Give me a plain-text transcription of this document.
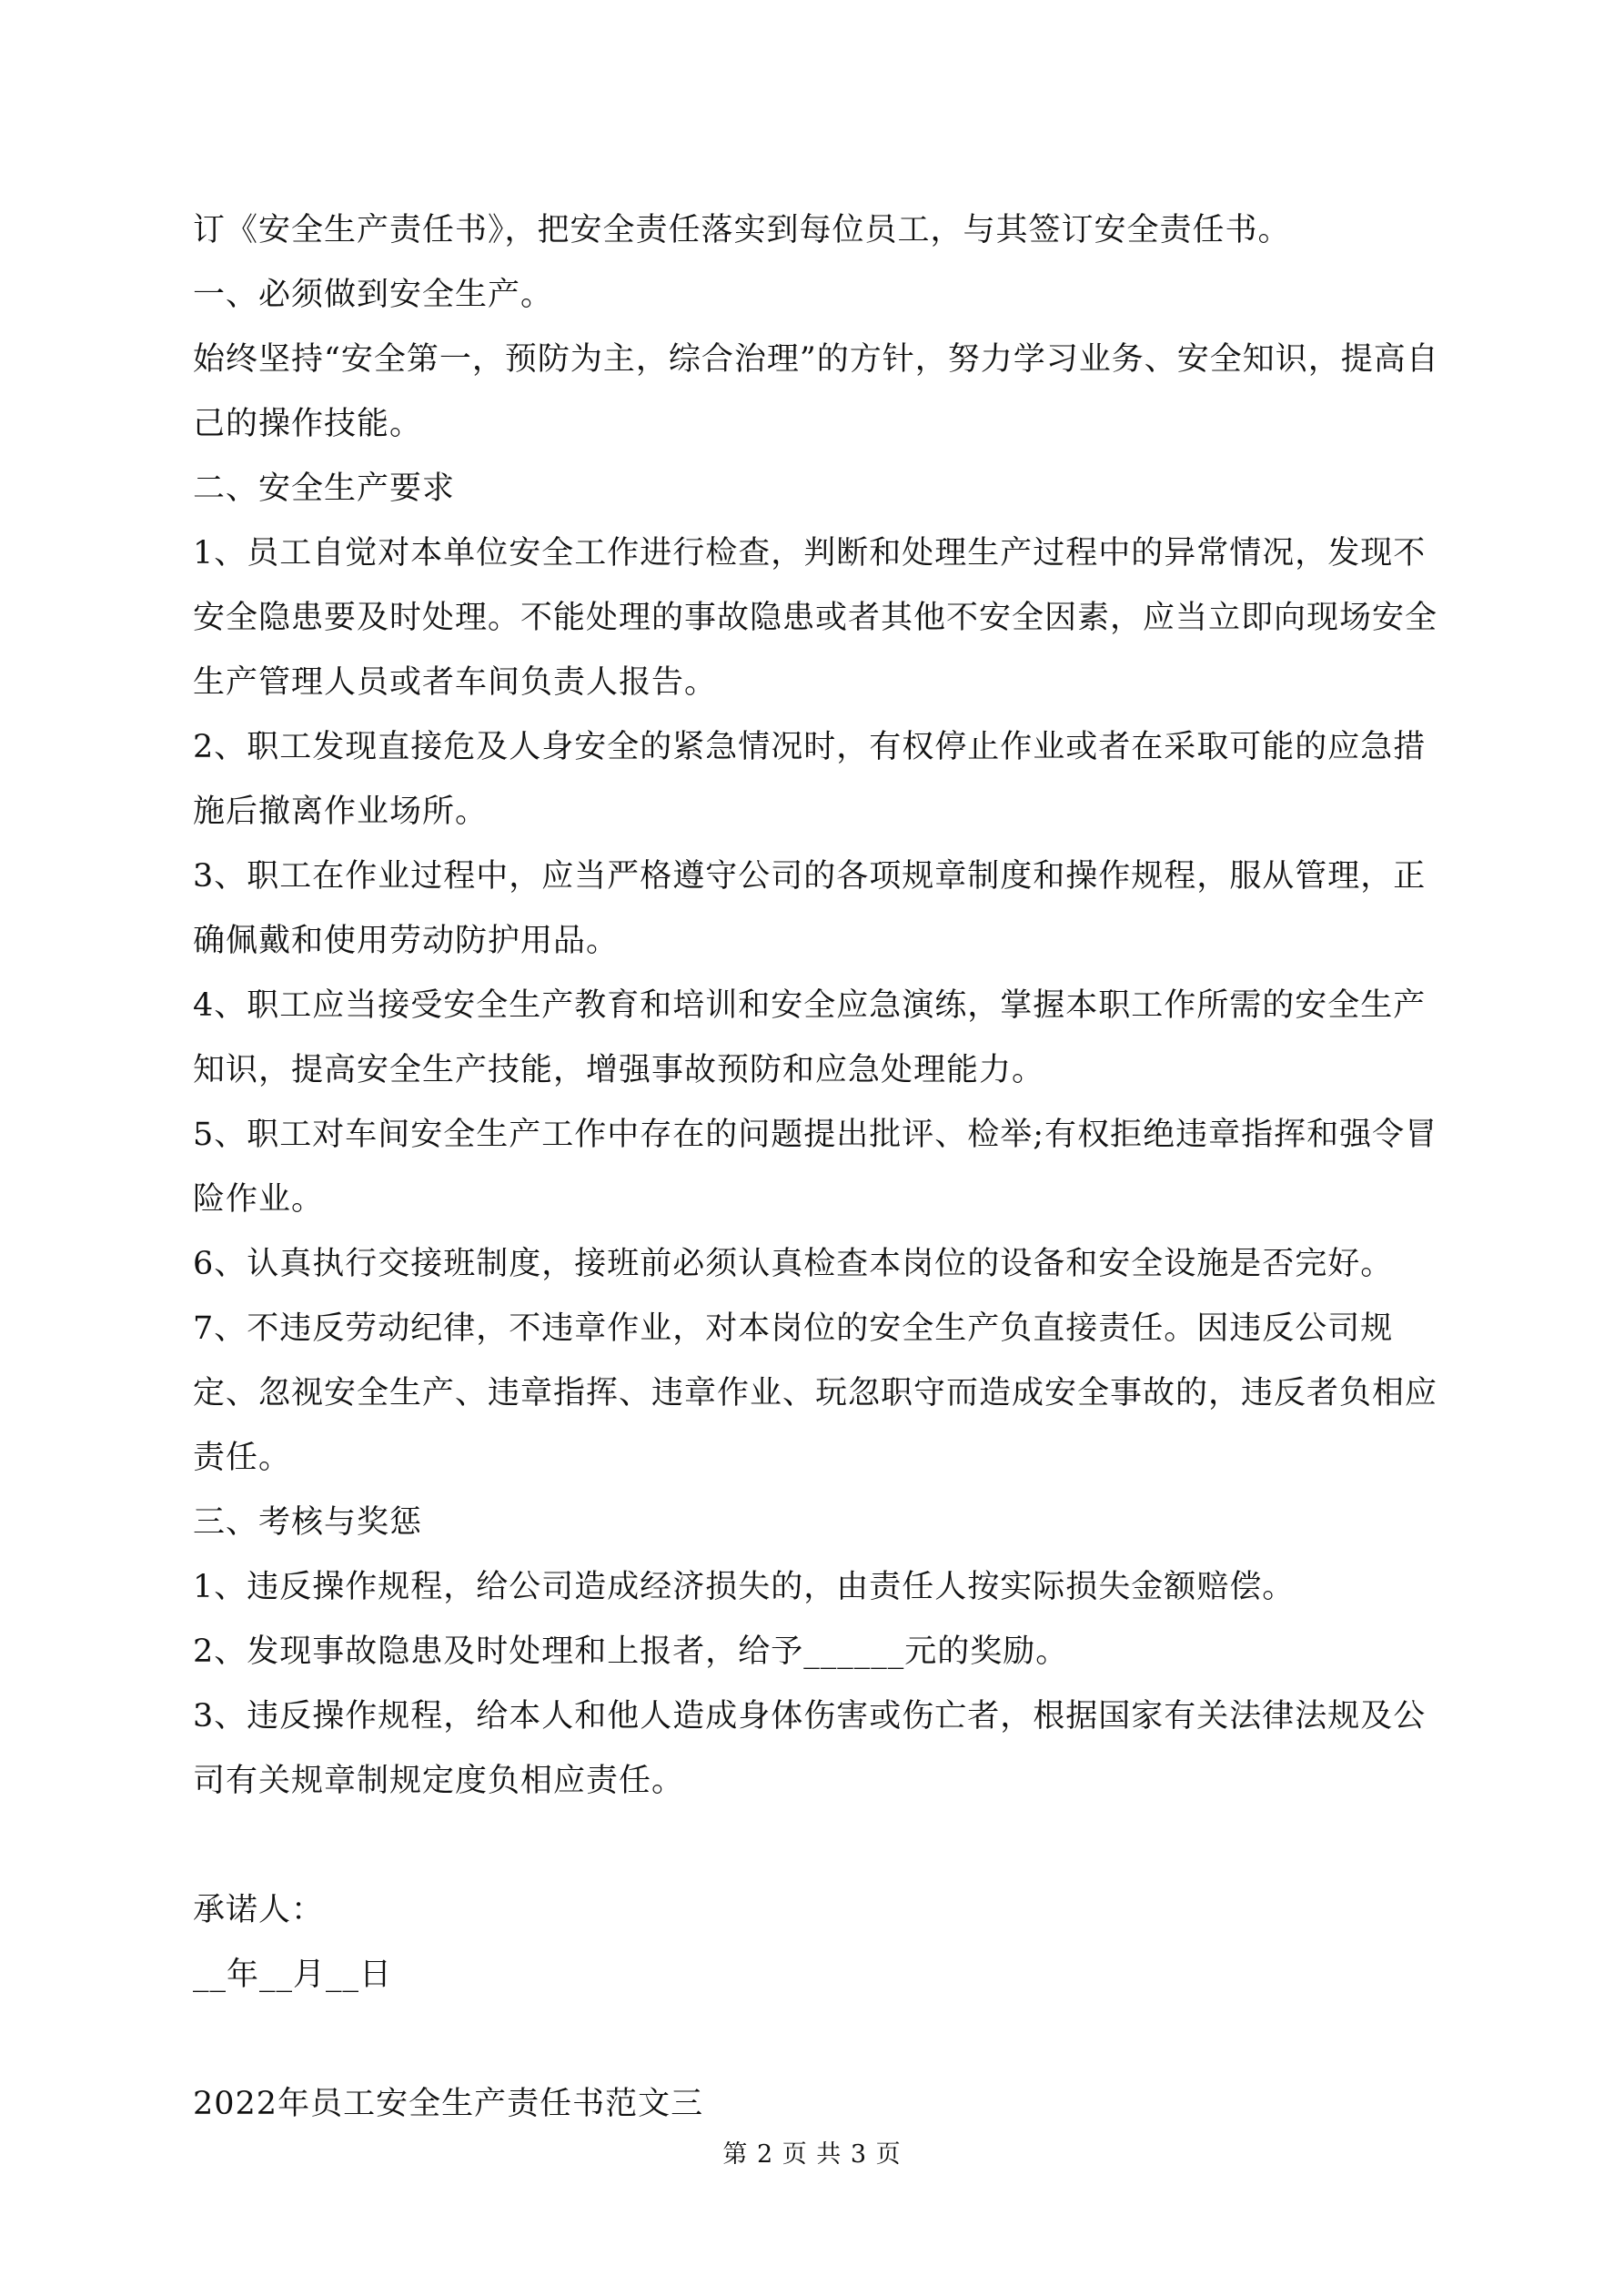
订《安全生产责任书》，把安全责任落实到每位员工，与其签订安全责任书。

一、必须做到安全生产。

始终坚持“安全第一，预防为主，综合治理”的方针，努力学习业务、安全知识，提高自己的操作技能。

二、安全生产要求

1、员工自觉对本单位安全工作进行检查，判断和处理生产过程中的异常情况，发现不安全隐患要及时处理。不能处理的事故隐患或者其他不安全因素，应当立即向现场安全生产管理人员或者车间负责人报告。

2、职工发现直接危及人身安全的紧急情况时，有权停止作业或者在采取可能的应急措施后撤离作业场所。

3、职工在作业过程中，应当严格遵守公司的各项规章制度和操作规程，服从管理，正确佩戴和使用劳动防护用品。

4、职工应当接受安全生产教育和培训和安全应急演练，掌握本职工作所需的安全生产知识，提高安全生产技能，增强事故预防和应急处理能力。

5、职工对车间安全生产工作中存在的问题提出批评、检举;有权拒绝违章指挥和强令冒险作业。

6、认真执行交接班制度，接班前必须认真检查本岗位的设备和安全设施是否完好。

7、不违反劳动纪律，不违章作业，对本岗位的安全生产负直接责任。因违反公司规定、忽视安全生产、违章指挥、违章作业、玩忽职守而造成安全事故的，违反者负相应责任。

三、考核与奖惩

1、违反操作规程，给公司造成经济损失的，由责任人按实际损失金额赔偿。

2、发现事故隐患及时处理和上报者，给予______元的奖励。

3、违反操作规程，给本人和他人造成身体伤害或伤亡者，根据国家有关法律法规及公司有关规章制规定度负相应责任。

承诺人：

__年__月__日

2022年员工安全生产责任书范文三

第 2 页 共 3 页
